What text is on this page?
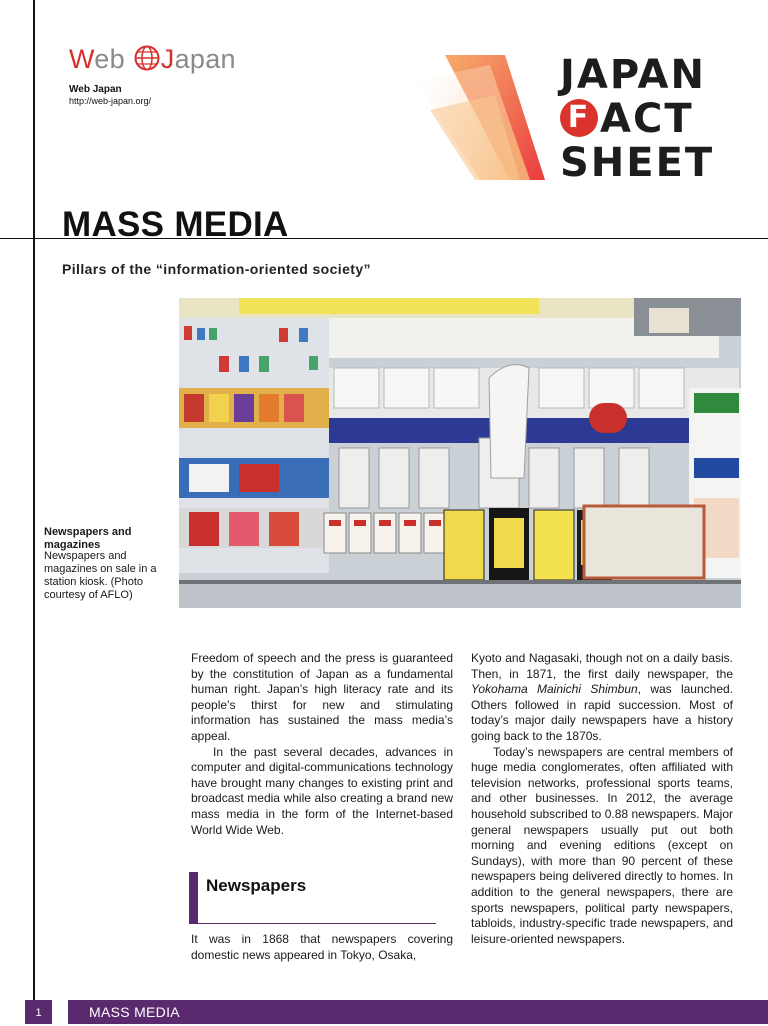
Web Japan
Web Japan
http://web-japan.org/
JAPAN
F ACT
SHEET
MASS MEDIA
Pillars of the “information-oriented society”
Newspapers and magazines
Newspapers and magazines on sale in a station kiosk. (Photo courtesy of AFLO)

Freedom of speech and the press is guaranteed by the constitution of Japan as a fundamental human right. Japan’s high literacy rate and its people’s thirst for new and stimulating information has sustained the mass media’s appeal.

In the past several decades, advances in computer and digital-communications technology have brought many changes to existing print and broadcast media while also creating a brand new mass media in the form of the Internet-based World Wide Web.

Newspapers

It was in 1868 that newspapers covering domestic news appeared in Tokyo, Osaka,

Kyoto and Nagasaki, though not on a daily basis. Then, in 1871, the first daily newspaper, the Yokohama Mainichi Shimbun, was launched. Others followed in rapid succession. Most of today’s major daily newspapers have a history going back to the 1870s.

Today’s newspapers are central members of huge media conglomerates, often affiliated with television networks, professional sports teams, and other businesses. In 2012, the average household subscribed to 0.88 newspapers. Major general newspapers usually put out both morning and evening editions (except on Sundays), with more than 90 percent of these newspapers being delivered directly to homes. In addition to the general newspapers, there are sports newspapers, political party newspapers, tabloids, industry-specific trade newspapers, and leisure-oriented newspapers.

1	MASS MEDIA
